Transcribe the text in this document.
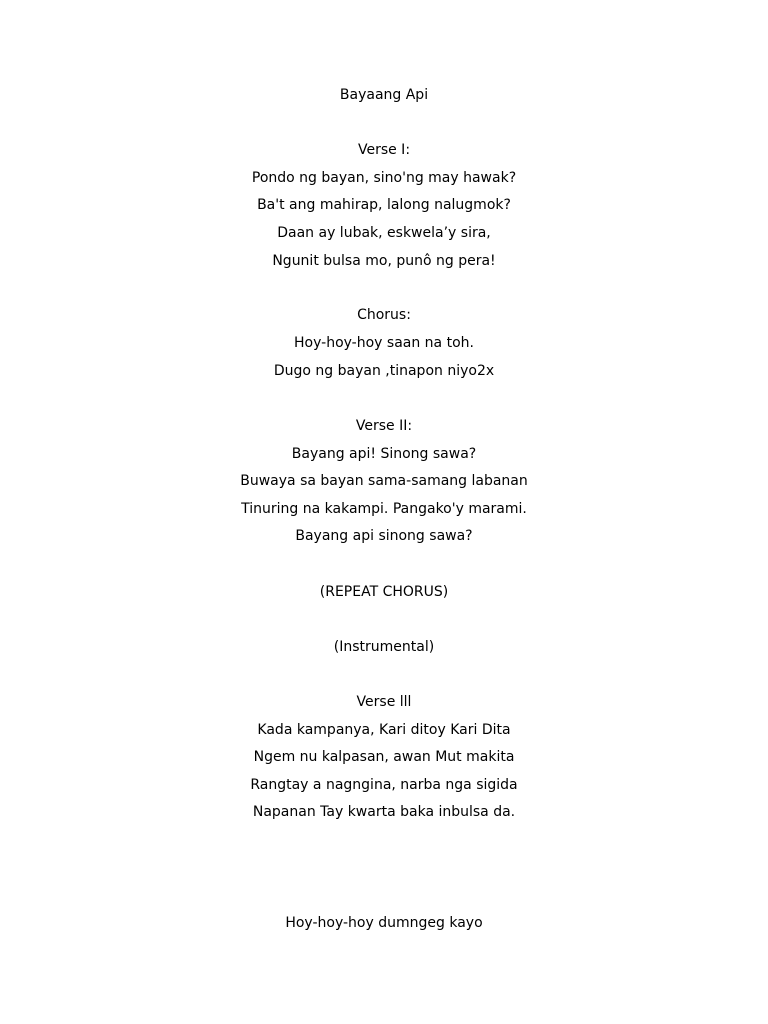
Bayaang Api
Verse I:
Pondo ng bayan, sino'ng may hawak?
Ba't ang mahirap, lalong nalugmok?
Daan ay lubak, eskwela’y sira,
Ngunit bulsa mo, punô ng pera!
Chorus:
Hoy-hoy-hoy saan na toh.
Dugo ng bayan ,tinapon niyo2x
Verse II:
Bayang api! Sinong sawa?
Buwaya sa bayan sama-samang labanan
Tinuring na kakampi. Pangako'y marami.
Bayang api sinong sawa?
(REPEAT CHORUS)
(Instrumental)
Verse lll
Kada kampanya, Kari ditoy Kari Dita
Ngem nu kalpasan, awan Mut makita
Rangtay a nagngina, narba nga sigida
Napanan Tay kwarta baka inbulsa da.
Hoy-hoy-hoy dumngeg kayo
